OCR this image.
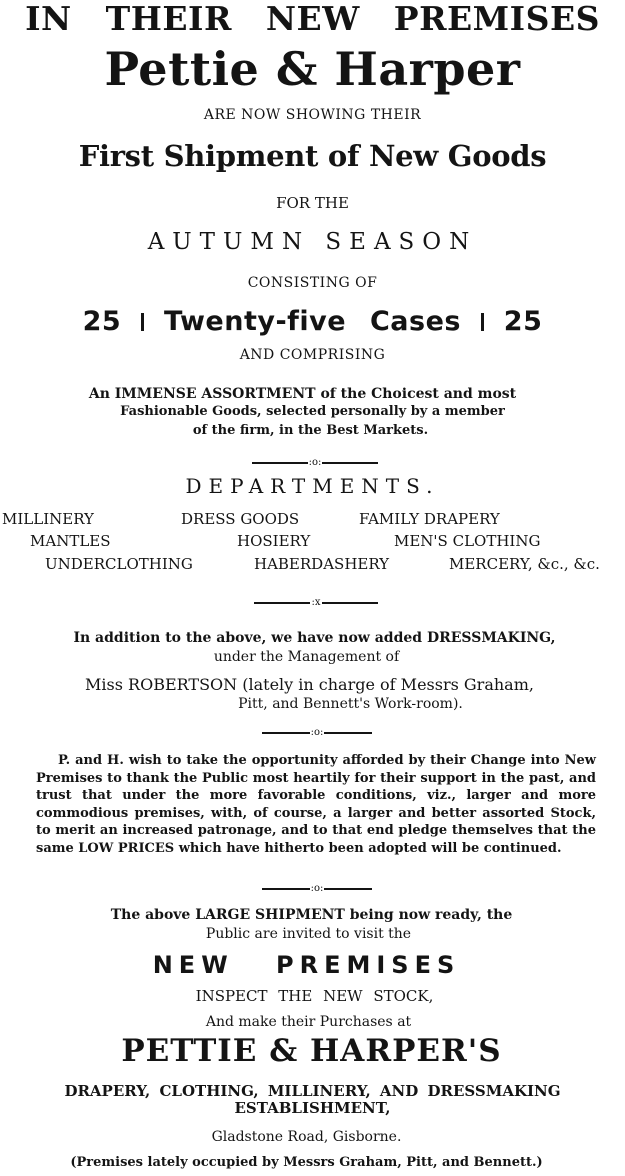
IN THEIR NEW PREMISES
Pettie & Harper
ARE NOW SHOWING THEIR
First Shipment of New Goods
FOR THE
AUTUMN SEASON
CONSISTING OF
25 Twenty-five Cases 25
AND COMPRISING
An IMMENSE ASSORTMENT of the Choicest and most
Fashionable Goods, selected personally by a member
of the firm, in the Best Markets.
:o:
DEPARTMENTS.
MILLINERY	DRESS GOODS	FAMILY DRAPERY
MANTLES	HOSIERY	MEN'S CLOTHING
UNDERCLOTHING	HABERDASHERY	MERCERY, &c., &c.
:x
In addition to the above, we have now added DRESSMAKING,
under the Management of
Miss ROBERTSON (lately in charge of Messrs Graham,
Pitt, and Bennett's Work-room).
:o:
P. and H. wish to take the opportunity afforded by their Change into New Premises to thank the Public most heartily for their support in the past, and trust that under the more favorable conditions, viz., larger and more commodious premises, with, of course, a larger and better assorted Stock, to merit an increased patronage, and to that end pledge themselves that the same LOW PRICES which have hitherto been adopted will be continued.
:o:
The above LARGE SHIPMENT being now ready, the
Public are invited to visit the
NEW PREMISES
INSPECT THE NEW STOCK,
And make their Purchases at
PETTIE & HARPER'S
DRAPERY, CLOTHING, MILLINERY, AND DRESSMAKING
ESTABLISHMENT,
Gladstone Road, Gisborne.
(Premises lately occupied by Messrs Graham, Pitt, and Bennett.)
